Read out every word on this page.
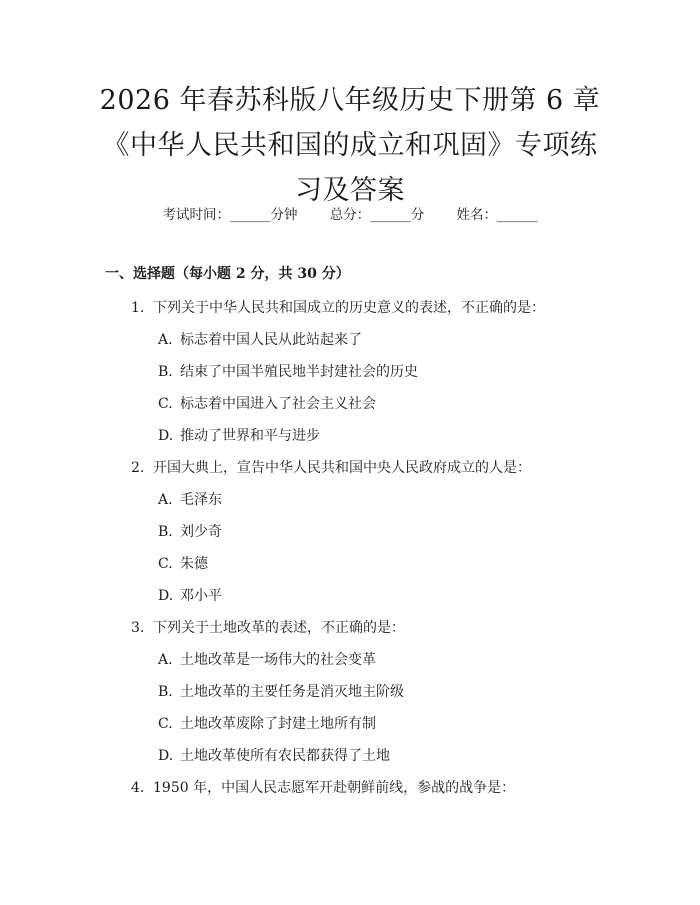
2026 年春苏科版八年级历史下册第 6 章《中华人民共和国的成立和巩固》专项练习及答案
考试时间：______分钟 总分：______分 姓名：______
一、选择题（每小题 2 分，共 30 分）
1. 下列关于中华人民共和国成立的历史意义的表述，不正确的是：
A. 标志着中国人民从此站起来了
B. 结束了中国半殖民地半封建社会的历史
C. 标志着中国进入了社会主义社会
D. 推动了世界和平与进步
2. 开国大典上，宣告中华人民共和国中央人民政府成立的人是：
A. 毛泽东
B. 刘少奇
C. 朱德
D. 邓小平
3. 下列关于土地改革的表述，不正确的是：
A. 土地改革是一场伟大的社会变革
B. 土地改革的主要任务是消灭地主阶级
C. 土地改革废除了封建土地所有制
D. 土地改革使所有农民都获得了土地
4. 1950 年，中国人民志愿军开赴朝鲜前线，参战的战争是：
